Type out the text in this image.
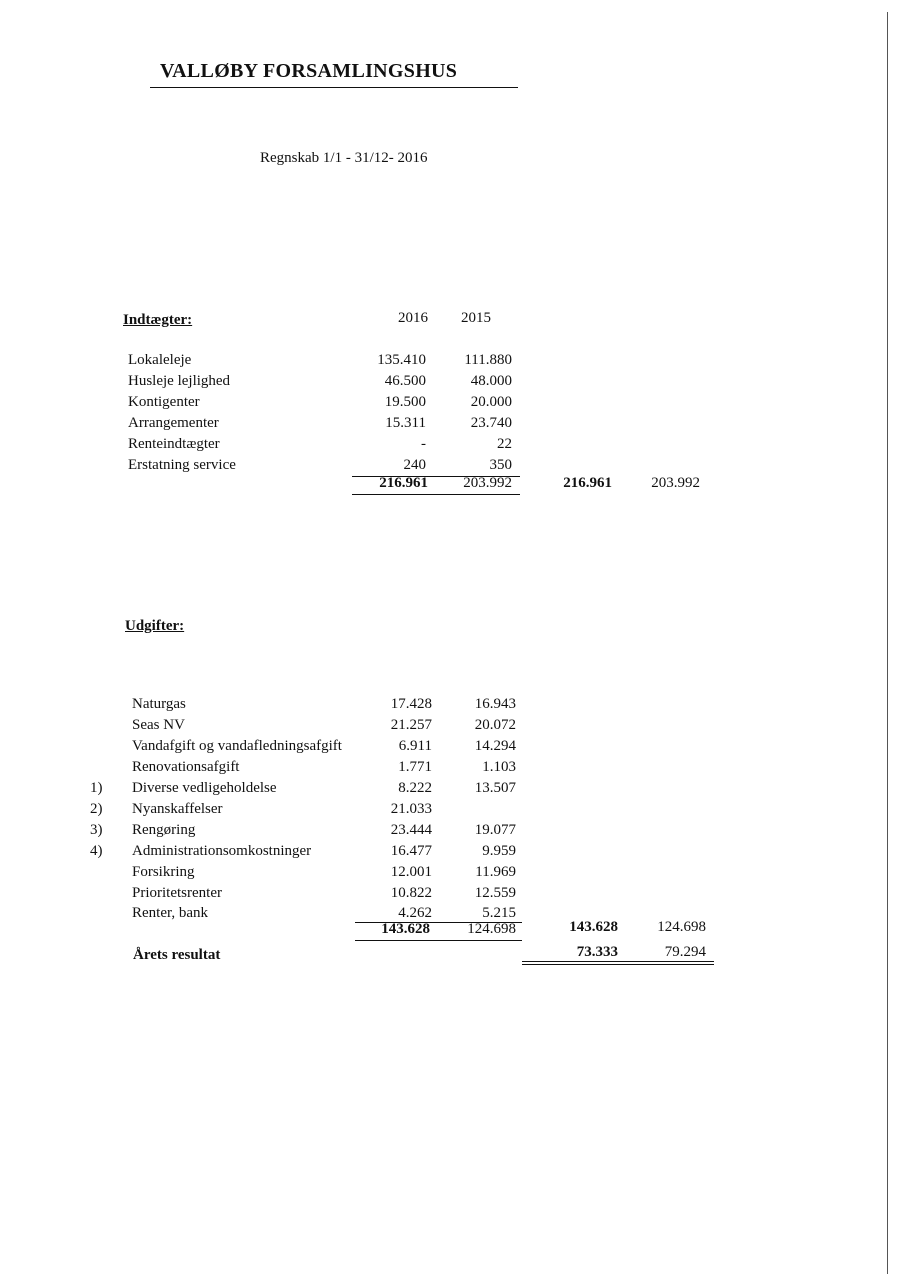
VALLØBY FORSAMLINGSHUS
Regnskab 1/1 - 31/12- 2016
Indtægter:	2016 2015
Lokaleleje	135.410	111.880
Husleje lejlighed	46.500	48.000
Kontigenter	19.500	20.000
Arrangementer	15.311	23.740
Renteindtægter	-	22
Erstatning service	240	350
216.961	203.992	216.961	203.992
Udgifter:
Naturgas	17.428	16.943
Seas NV	21.257	20.072
Vandafgift og vandafledningsafgift	6.911	14.294
Renovationsafgift	1.771	1.103
1) Diverse vedligeholdelse	8.222	13.507
2) Nyanskaffelser	21.033
3) Rengøring	23.444	19.077
4) Administrationsomkostninger	16.477	9.959
Forsikring	12.001	11.969
Prioritetsrenter	10.822	12.559
Renter, bank	4.262	5.215
143.628	124.698	143.628	124.698
Årets resultat	73.333	79.294
